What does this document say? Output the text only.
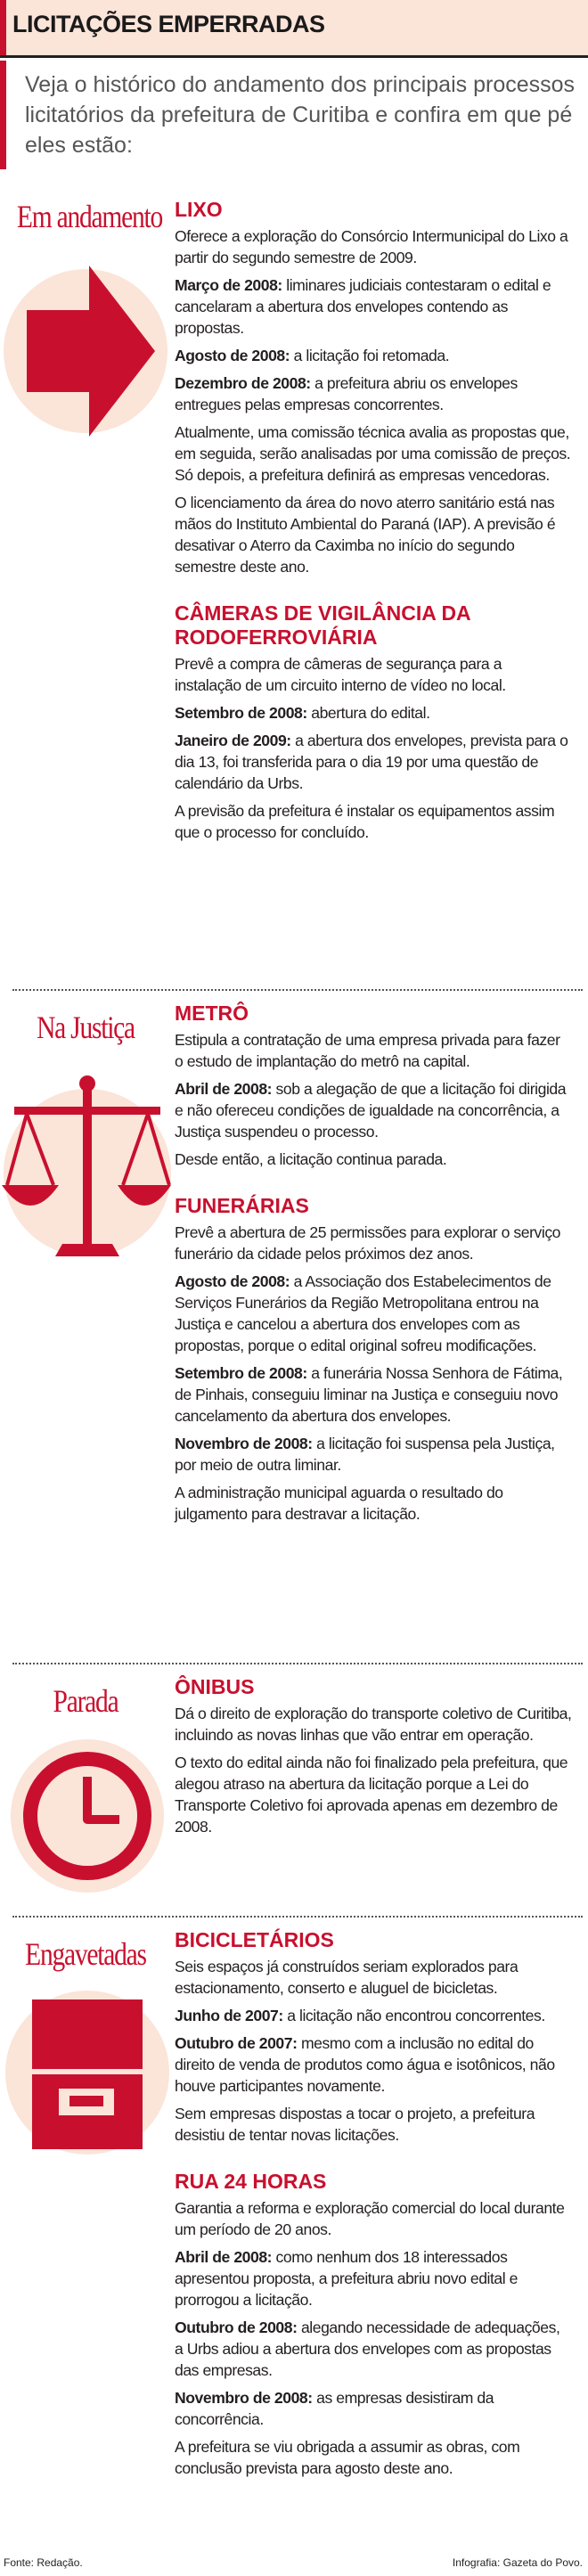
LICITAÇÕES EMPERRADAS
Veja o histórico do andamento dos principais processos licitatórios da prefeitura de Curitiba e confira em que pé eles estão:
Em andamento LIXO
Oferece a exploração do Consórcio Intermunicipal do Lixo a partir do segundo semestre de 2009.
Março de 2008: liminares judiciais contestaram o edital e cancelaram a abertura dos envelopes contendo as propostas.
Agosto de 2008: a licitação foi retomada.
Dezembro de 2008: a prefeitura abriu os envelopes entregues pelas empresas concorrentes.
Atualmente, uma comissão técnica avalia as propostas que, em seguida, serão analisadas por uma comissão de preços. Só depois, a prefeitura definirá as empresas vencedoras.
O licenciamento da área do novo aterro sanitário está nas mãos do Instituto Ambiental do Paraná (IAP). A previsão é desativar o Aterro da Caximba no início do segundo semestre deste ano.
CÂMERAS DE VIGILÂNCIA DA RODOFERROVIÁRIA
Prevê a compra de câmeras de segurança para a instalação de um circuito interno de vídeo no local.
Setembro de 2008: abertura do edital.
Janeiro de 2009: a abertura dos envelopes, prevista para o dia 13, foi transferida para o dia 19 por uma questão de calendário da Urbs.
A previsão da prefeitura é instalar os equipamentos assim que o processo for concluído.
Na Justiça	METRÔ
Estipula a contratação de uma empresa privada para fazer o estudo de implantação do metrô na capital.
Abril de 2008: sob a alegação de que a licitação foi dirigida e não ofereceu condições de igualdade na concorrência, a Justiça suspendeu o processo.
Desde então, a licitação continua parada.
FUNERÁRIAS
Prevê a abertura de 25 permissões para explorar o serviço funerário da cidade pelos próximos dez anos.
Agosto de 2008: a Associação dos Estabelecimentos de Serviços Funerários da Região Metropolitana entrou na Justiça e cancelou a abertura dos envelopes com as propostas, porque o edital original sofreu modificações.
Setembro de 2008: a funerária Nossa Senhora de Fátima, de Pinhais, conseguiu liminar na Justiça e conseguiu novo cancelamento da abertura dos envelopes.
Novembro de 2008: a licitação foi suspensa pela Justiça, por meio de outra liminar.
A administração municipal aguarda o resultado do julgamento para destravar a licitação.
Parada	ÔNIBUS
Dá o direito de exploração do transporte coletivo de Curitiba, incluindo as novas linhas que vão entrar em operação.
O texto do edital ainda não foi finalizado pela prefeitura, que alegou atraso na abertura da licitação porque a Lei do Transporte Coletivo foi aprovada apenas em dezembro de 2008.
Engavetadas	BICICLETÁRIOS
Seis espaços já construídos seriam explorados para estacionamento, conserto e aluguel de bicicletas.
Junho de 2007: a licitação não encontrou concorrentes.
Outubro de 2007: mesmo com a inclusão no edital do direito de venda de produtos como água e isotônicos, não houve participantes novamente.
Sem empresas dispostas a tocar o projeto, a prefeitura desistiu de tentar novas licitações.
RUA 24 HORAS
Garantia a reforma e exploração comercial do local durante um período de 20 anos.
Abril de 2008: como nenhum dos 18 interessados apresentou proposta, a prefeitura abriu novo edital e prorrogou a licitação.
Outubro de 2008: alegando necessidade de adequações, a Urbs adiou a abertura dos envelopes com as propostas das empresas.
Novembro de 2008: as empresas desistiram da concorrência.
A prefeitura se viu obrigada a assumir as obras, com conclusão prevista para agosto deste ano.
Fonte: Redação.	Infografia: Gazeta do Povo.
